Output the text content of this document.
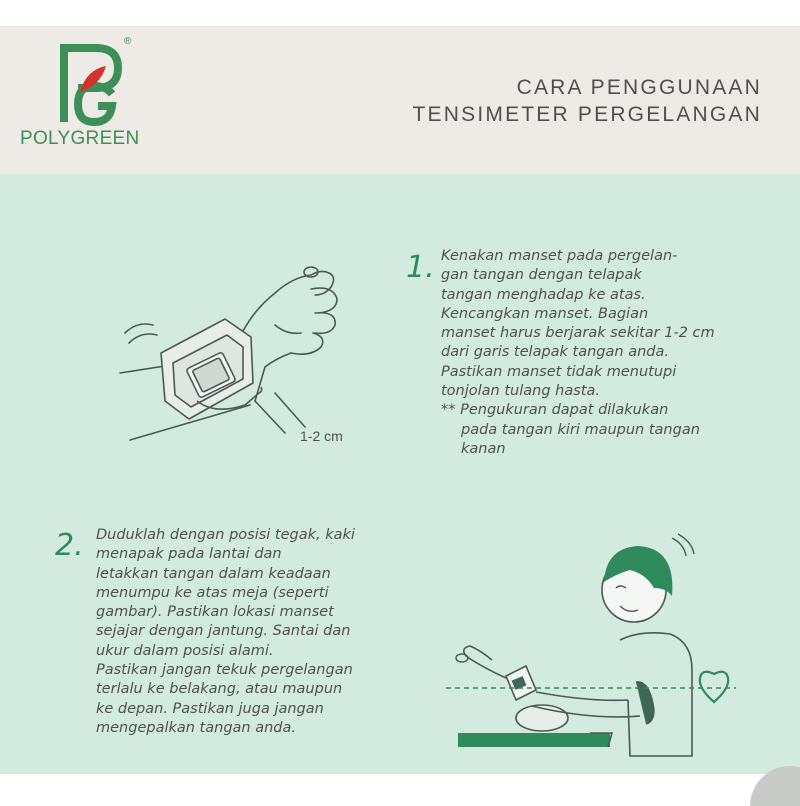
®
POLYGREEN
CARA PENGGUNAAN
TENSIMETER PERGELANGAN
1. Kenakan manset pada pergelan-
gan tangan dengan telapak
tangan menghadap ke atas.
Kencangkan manset. Bagian
manset harus berjarak sekitar 1-2 cm
dari garis telapak tangan anda.
Pastikan manset tidak menutupi
tonjolan tulang hasta.
** Pengukuran dapat dilakukan
pada tangan kiri maupun tangan
kanan
1-2 cm
2. Duduklah dengan posisi tegak, kaki
menapak pada lantai dan
letakkan tangan dalam keadaan
menumpu ke atas meja (seperti
gambar). Pastikan lokasi manset
sejajar dengan jantung. Santai dan
ukur dalam posisi alami.
Pastikan jangan tekuk pergelangan
terlalu ke belakang, atau maupun
ke depan. Pastikan juga jangan
mengepalkan tangan anda.
